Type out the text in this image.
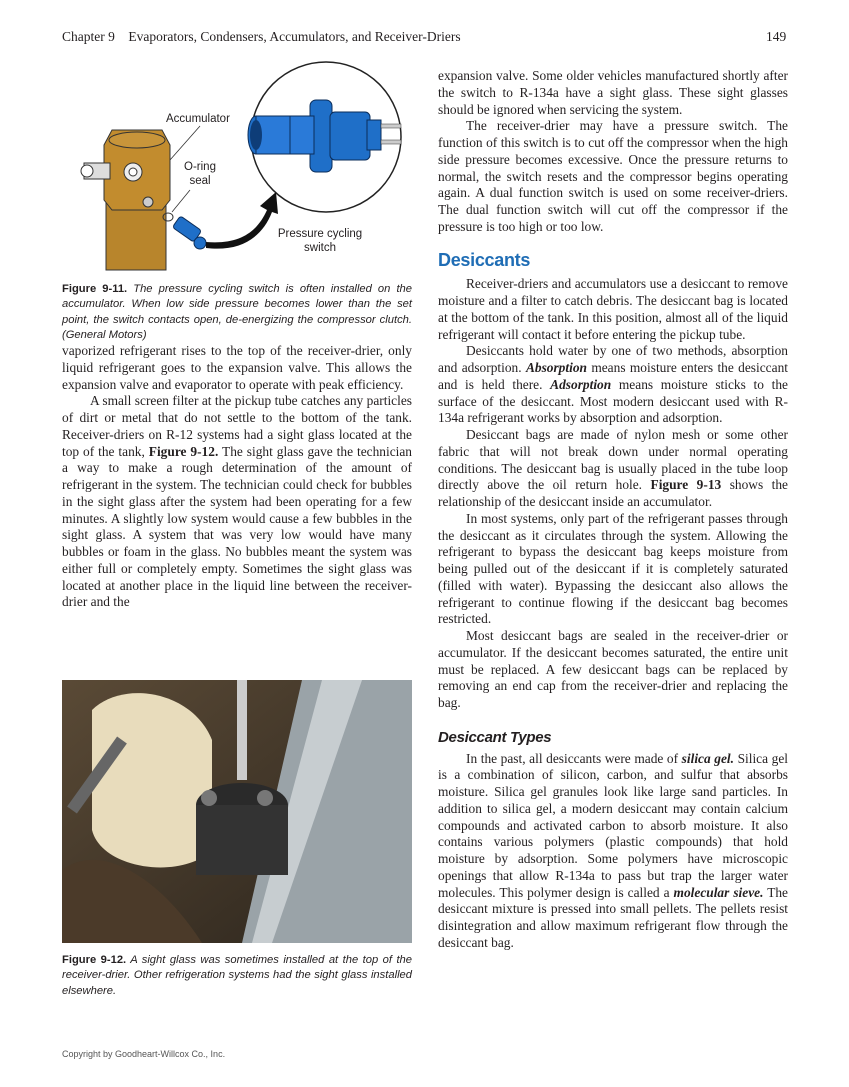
Chapter 9 Evaporators, Condensers, Accumulators, and Receiver-Driers	149
Accumulator
O-ring seal
Pressure cycling switch
Figure 9-11. The pressure cycling switch is often installed on the accumulator. When low side pressure becomes lower than the set point, the switch contacts open, de-energizing the compressor clutch. (General Motors)

vaporized refrigerant rises to the top of the receiver-drier, only liquid refrigerant goes to the expansion valve. This allows the expansion valve and evaporator to operate with peak efficiency.

A small screen filter at the pickup tube catches any particles of dirt or metal that do not settle to the bottom of the tank. Receiver-driers on R-12 systems had a sight glass located at the top of the tank, Figure 9-12. The sight glass gave the technician a way to make a rough determination of the amount of refrigerant in the system. The technician could check for bubbles in the sight glass after the system had been operating for a few minutes. A slightly low system would cause a few bubbles in the sight glass. A system that was very low would have many bubbles or foam in the glass. No bubbles meant the system was either full or completely empty. Sometimes the sight glass was located at another place in the liquid line between the receiver-drier and the

Figure 9-12. A sight glass was sometimes installed at the top of the receiver-drier. Other refrigeration systems had the sight glass installed elsewhere.

expansion valve. Some older vehicles manufactured shortly after the switch to R-134a have a sight glass. These sight glasses should be ignored when servicing the system.

The receiver-drier may have a pressure switch. The function of this switch is to cut off the compressor when the high side pressure becomes excessive. Once the pressure returns to normal, the switch resets and the compressor begins operating again. A dual function switch is used on some receiver-driers. The dual function switch will cut off the compressor if the pressure is too high or too low.

Desiccants

Receiver-driers and accumulators use a desiccant to remove moisture and a filter to catch debris. The desiccant bag is located at the bottom of the tank. In this position, almost all of the liquid refrigerant will contact it before entering the pickup tube.

Desiccants hold water by one of two methods, absorption and adsorption. Absorption means moisture enters the desiccant and is held there. Adsorption means moisture sticks to the surface of the desiccant. Most modern desiccant used with R-134a refrigerant works by absorption and adsorption.

Desiccant bags are made of nylon mesh or some other fabric that will not break down under normal operating conditions. The desiccant bag is usually placed in the tube loop directly above the oil return hole. Figure 9-13 shows the relationship of the desiccant inside an accumulator.

In most systems, only part of the refrigerant passes through the desiccant as it circulates through the system. Allowing the refrigerant to bypass the desiccant bag keeps moisture from being pulled out of the desiccant if it is completely saturated (filled with water). Bypassing the desiccant also allows the refrigerant to continue flowing if the desiccant bag becomes restricted.

Most desiccant bags are sealed in the receiver-drier or accumulator. If the desiccant becomes saturated, the entire unit must be replaced. A few desiccant bags can be replaced by removing an end cap from the receiver-drier and replacing the bag.

Desiccant Types

In the past, all desiccants were made of silica gel. Silica gel is a combination of silicon, carbon, and sulfur that absorbs moisture. Silica gel granules look like large sand particles. In addition to silica gel, a modern desiccant may contain calcium compounds and activated carbon to absorb moisture. It also contains various polymers (plastic compounds) that hold moisture by adsorption. Some polymers have microscopic openings that allow R-134a to pass but trap the larger water molecules. This polymer design is called a molecular sieve. The desiccant mixture is pressed into small pellets. The pellets resist disintegration and allow maximum refrigerant flow through the desiccant bag.

Copyright by Goodheart-Willcox Co., Inc.
